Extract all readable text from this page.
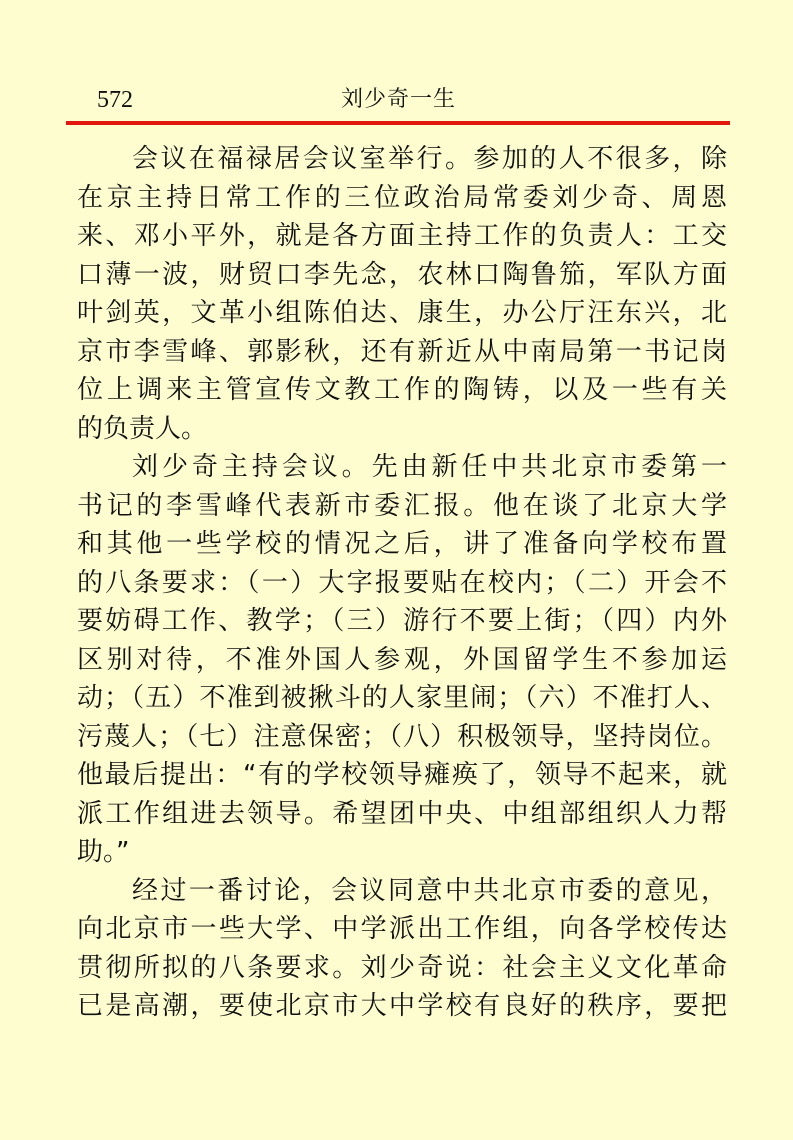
572	刘少奇一生
会议在福禄居会议室举行。参加的人不很多，除
在京主持日常工作的三位政治局常委刘少奇、周恩
来、邓小平外，就是各方面主持工作的负责人：工交
口薄一波，财贸口李先念，农林口陶鲁笳，军队方面
叶剑英，文革小组陈伯达、康生，办公厅汪东兴，北
京市李雪峰、郭影秋，还有新近从中南局第一书记岗
位上调来主管宣传文教工作的陶铸，以及一些有关
的负责人。
刘少奇主持会议。先由新任中共北京市委第一
书记的李雪峰代表新市委汇报。他在谈了北京大学
和其他一些学校的情况之后，讲了准备向学校布置
的八条要求：（一）大字报要贴在校内；（二）开会不
要妨碍工作、教学；（三）游行不要上街；（四）内外
区别对待，不准外国人参观，外国留学生不参加运
动；（五）不准到被揪斗的人家里闹；（六）不准打人、
污蔑人；（七）注意保密；（八）积极领导，坚持岗位。
他最后提出：“有的学校领导瘫痪了，领导不起来，就
派工作组进去领导。希望团中央、中组部组织人力帮
助。”
经过一番讨论，会议同意中共北京市委的意见，
向北京市一些大学、中学派出工作组，向各学校传达
贯彻所拟的八条要求。刘少奇说：社会主义文化革命
已是高潮，要使北京市大中学校有良好的秩序，要把
